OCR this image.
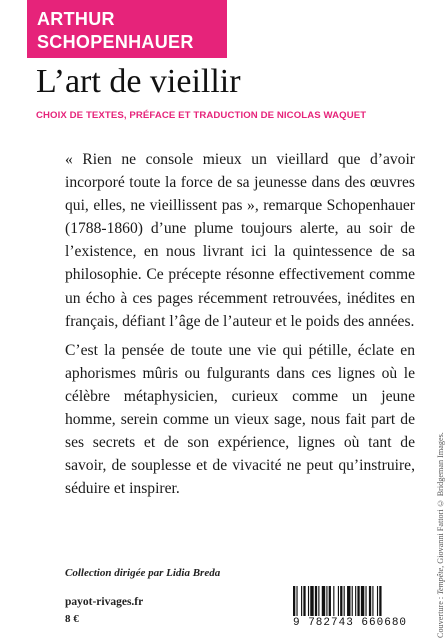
ARTHUR
SCHOPENHAUER
L’art de vieillir
CHOIX DE TEXTES, PRÉFACE ET TRADUCTION DE NICOLAS WAQUET

« Rien ne console mieux un vieillard que d’avoir incorporé toute la force de sa jeunesse dans des œuvres qui, elles, ne vieillissent pas », remarque Schopenhauer (1788-1860) d’une plume toujours alerte, au soir de l’existence, en nous livrant ici la quintessence de sa philosophie. Ce précepte résonne effectivement comme un écho à ces pages récemment retrouvées, inédites en français, défiant l’âge de l’auteur et le poids des années.

C’est la pensée de toute une vie qui pétille, éclate en aphorismes mûris ou fulgurants dans ces lignes où le célèbre métaphysicien, curieux comme un jeune homme, serein comme un vieux sage, nous fait part de ses secrets et de son expérience, lignes où tant de savoir, de souplesse et de vivacité ne peut qu’instruire, séduire et inspirer.

Couverture : Tempête, Giovanni Fattori © Bridgeman Images.
Collection dirigée par Lidia Breda
payot-rivages.fr
8 €	9 782743 660680
